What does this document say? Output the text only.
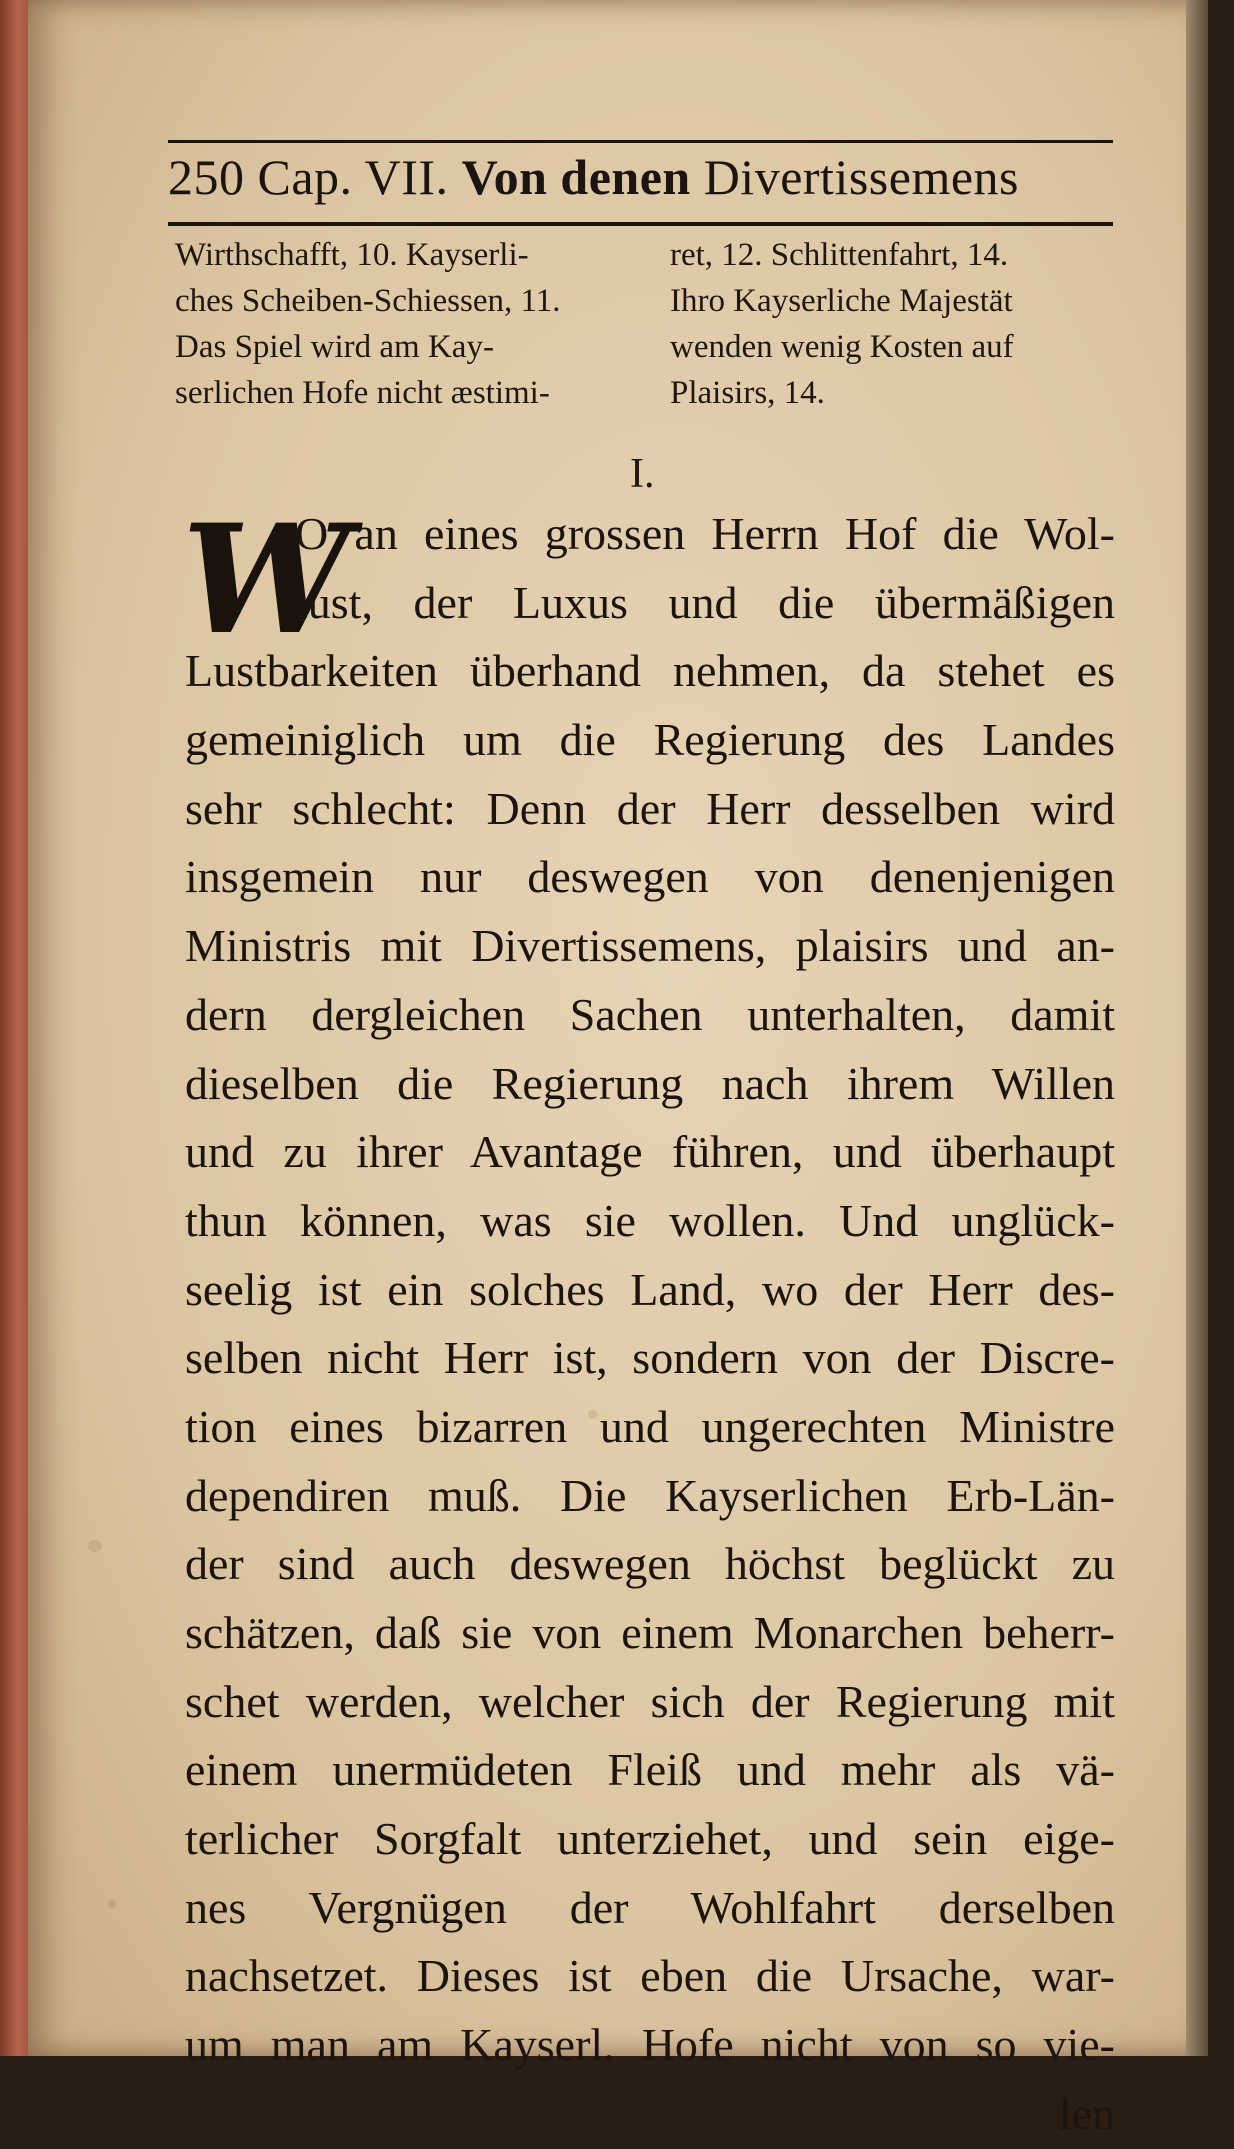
250 Cap. VII. Von denen Divertissemens
Wirthschafft, 10. Kayserli-	ret, 12. Schlittenfahrt, 14.
ches Scheiben-Schiessen, 11.	Ihro Kayserliche Majestät
Das Spiel wird am Kay-	wenden wenig Kosten auf
serlichen Hofe nicht æstimi-	Plaisirs, 14.
I.
W
O an eines grossen Herrn Hof die Wol-
lust, der Luxus und die übermäßigen
Lustbarkeiten überhand nehmen, da stehet es
gemeiniglich um die Regierung des Landes
sehr schlecht: Denn der Herr desselben wird
insgemein nur deswegen von denenjenigen
Ministris mit Divertissemens, plaisirs und an-
dern dergleichen Sachen unterhalten, damit
dieselben die Regierung nach ihrem Willen
und zu ihrer Avantage führen, und überhaupt
thun können, was sie wollen. Und unglück-
seelig ist ein solches Land, wo der Herr des-
selben nicht Herr ist, sondern von der Discre-
tion eines bizarren und ungerechten Ministre
dependiren muß. Die Kayserlichen Erb-Län-
der sind auch deswegen höchst beglückt zu
schätzen, daß sie von einem Monarchen beherr-
schet werden, welcher sich der Regierung mit
einem unermüdeten Fleiß und mehr als vä-
terlicher Sorgfalt unterziehet, und sein eige-
nes Vergnügen der Wohlfahrt derselben
nachsetzet. Dieses ist eben die Ursache, war-
um man am Kayserl. Hofe nicht von so vie-
len
